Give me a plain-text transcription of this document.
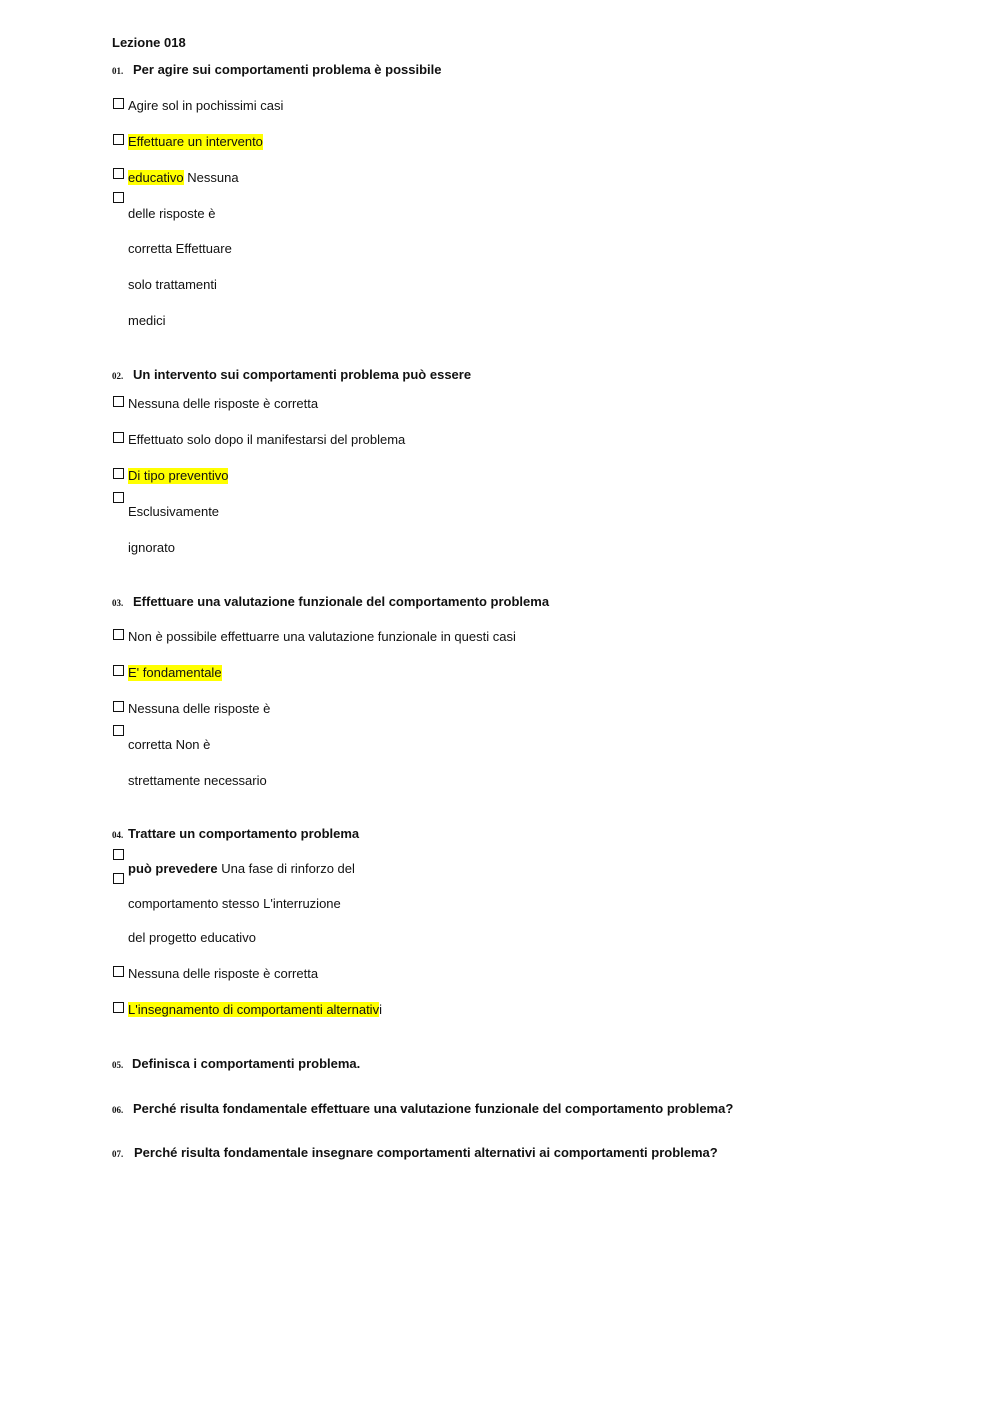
Lezione 018
01. Per agire sui comportamenti problema è possibile
Agire sol in pochissimi casi
Effettuare un intervento
educativo Nessuna
delle risposte è
corretta Effettuare
solo trattamenti
medici
02. Un intervento sui comportamenti problema può essere
Nessuna delle risposte è corretta
Effettuato solo dopo il manifestarsi del problema
Di tipo preventivo
Esclusivamente
ignorato
03. Effettuare una valutazione funzionale del comportamento problema
Non è possibile effettuarre una valutazione funzionale in questi casi
E' fondamentale
Nessuna delle risposte è
corretta Non è
strettamente necessario
04. Trattare un comportamento problema
può prevedere Una fase di rinforzo del
comportamento stesso L'interruzione
del progetto educativo
Nessuna delle risposte è corretta
L'insegnamento di comportamenti alternativi
05. Definisca i comportamenti problema.
06. Perché risulta fondamentale effettuare una valutazione funzionale del comportamento problema?
07. Perché risulta fondamentale insegnare comportamenti alternativi ai comportamenti problema?
